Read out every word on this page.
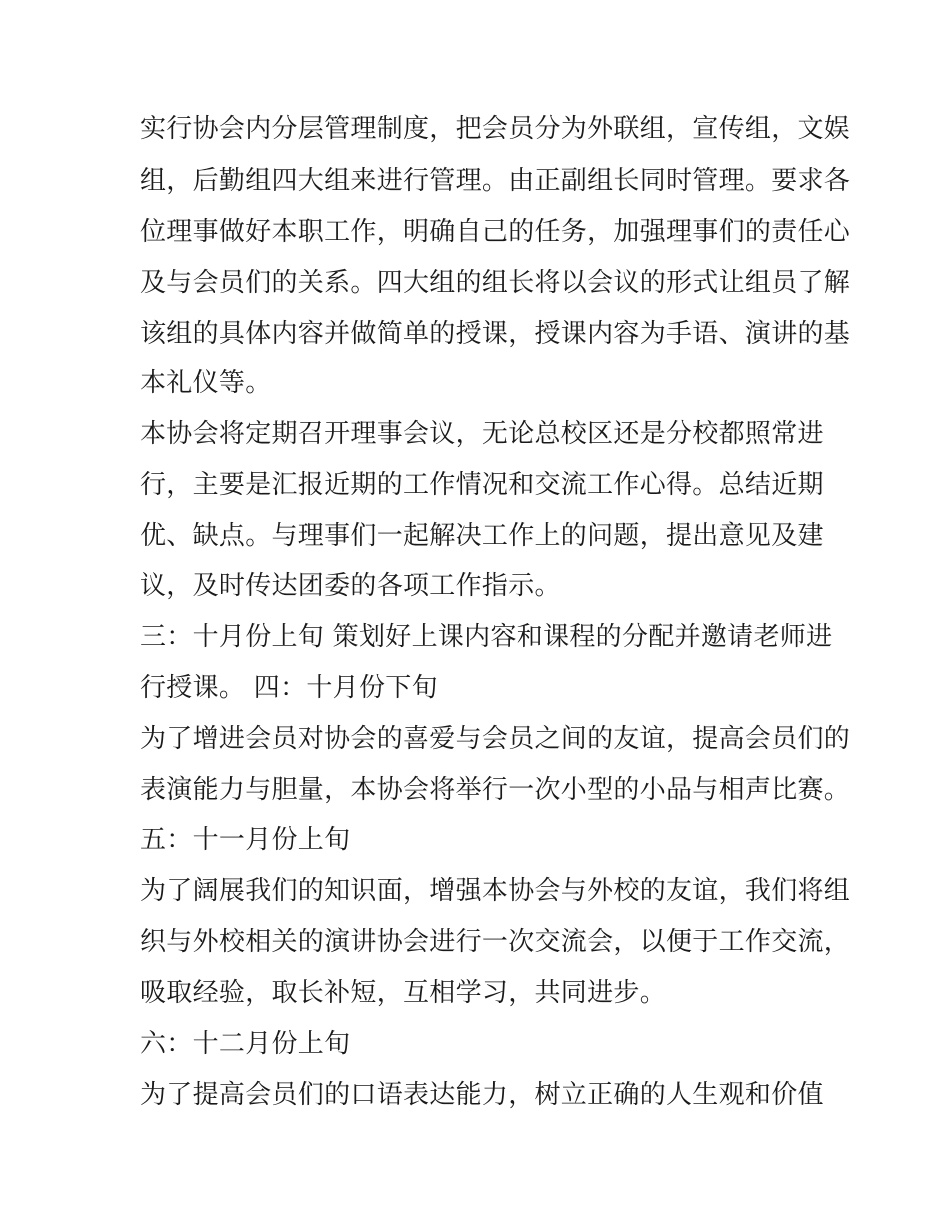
实行协会内分层管理制度，把会员分为外联组，宣传组，文娱
组，后勤组四大组来进行管理。由正副组长同时管理。要求各
位理事做好本职工作，明确自己的任务，加强理事们的责任心
及与会员们的关系。四大组的组长将以会议的形式让组员了解
该组的具体内容并做简单的授课，授课内容为手语、演讲的基
本礼仪等。
本协会将定期召开理事会议，无论总校区还是分校都照常进
行，主要是汇报近期的工作情况和交流工作心得。总结近期
优、缺点。与理事们一起解决工作上的问题，提出意见及建
议，及时传达团委的各项工作指示。
三：十月份上旬 策划好上课内容和课程的分配并邀请老师进
行授课。 四：十月份下旬
为了增进会员对协会的喜爱与会员之间的友谊，提高会员们的
表演能力与胆量，本协会将举行一次小型的小品与相声比赛。
五：十一月份上旬
为了阔展我们的知识面，增强本协会与外校的友谊，我们将组
织与外校相关的演讲协会进行一次交流会，以便于工作交流，
吸取经验，取长补短，互相学习，共同进步。
六：十二月份上旬
为了提高会员们的口语表达能力，树立正确的人生观和价值
